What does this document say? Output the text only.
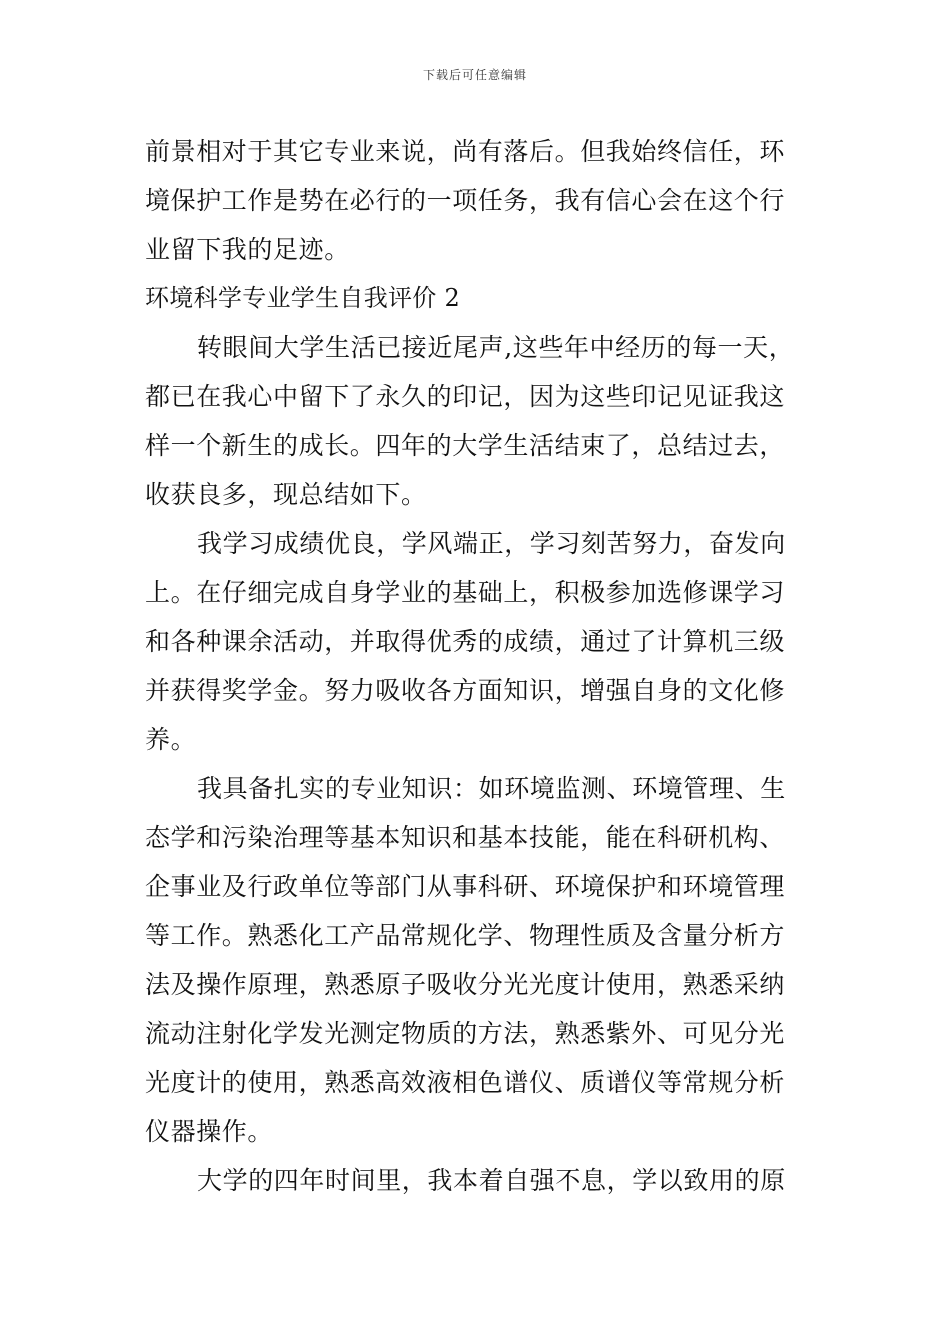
下载后可任意编辑
前景相对于其它专业来说，尚有落后。但我始终信任，环
境保护工作是势在必行的一项任务，我有信心会在这个行
业留下我的足迹。
环境科学专业学生自我评价 2
转眼间大学生活已接近尾声,这些年中经历的每一天，
都已在我心中留下了永久的印记，因为这些印记见证我这
样一个新生的成长。四年的大学生活结束了，总结过去，
收获良多，现总结如下。
我学习成绩优良，学风端正，学习刻苦努力，奋发向
上。在仔细完成自身学业的基础上，积极参加选修课学习
和各种课余活动，并取得优秀的成绩，通过了计算机三级
并获得奖学金。努力吸收各方面知识，增强自身的文化修
养。
我具备扎实的专业知识：如环境监测、环境管理、生
态学和污染治理等基本知识和基本技能，能在科研机构、
企事业及行政单位等部门从事科研、环境保护和环境管理
等工作。熟悉化工产品常规化学、物理性质及含量分析方
法及操作原理，熟悉原子吸收分光光度计使用，熟悉采纳
流动注射化学发光测定物质的方法，熟悉紫外、可见分光
光度计的使用，熟悉高效液相色谱仪、质谱仪等常规分析
仪器操作。
大学的四年时间里，我本着自强不息，学以致用的原
